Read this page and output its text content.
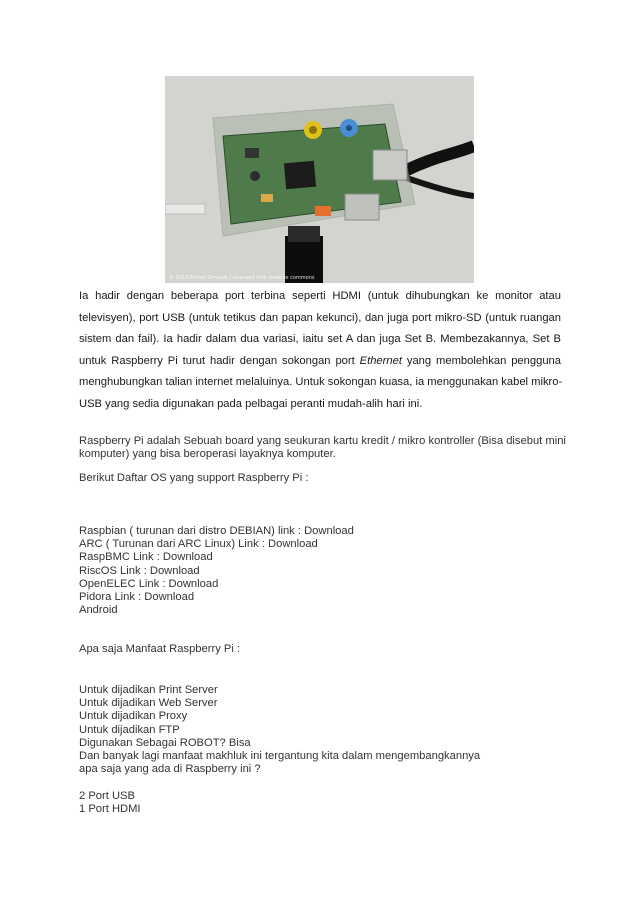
© 2013 Antoni Simonik / Licensed with creative commons
Ia hadir dengan beberapa port terbina seperti HDMI (untuk dihubungkan ke monitor atau
televisyen), port USB (untuk tetikus dan papan kekunci), dan juga port mikro-SD (untuk ruangan
sistem dan fail). Ia hadir dalam dua variasi, iaitu set A dan juga Set B. Membezakannya, Set B
untuk Raspberry Pi turut hadir dengan sokongan port Ethernet yang membolehkan pengguna
menghubungkan talian internet melaluinya. Untuk sokongan kuasa, ia menggunakan kabel mikro-
USB yang sedia digunakan pada pelbagai peranti mudah-alih hari ini.
Raspberry Pi adalah Sebuah board yang seukuran kartu kredit / mikro kontroller (Bisa disebut mini
komputer) yang bisa beroperasi layaknya komputer.
Berikut Daftar OS yang support Raspberry Pi :
Raspbian ( turunan dari distro DEBIAN) link : Download
ARC ( Turunan dari ARC Linux) Link : Download
RaspBMC Link : Download
RiscOS Link : Download
OpenELEC Link : Download
Pidora Link : Download
Android
Apa saja Manfaat Raspberry Pi :
Untuk dijadikan Print Server
Untuk dijadikan Web Server
Untuk dijadikan Proxy
Untuk dijadikan FTP
Digunakan Sebagai ROBOT? Bisa
Dan banyak lagi manfaat makhluk ini tergantung kita dalam mengembangkannya
apa saja yang ada di Raspberry ini ?
2 Port USB
1 Port HDMI
